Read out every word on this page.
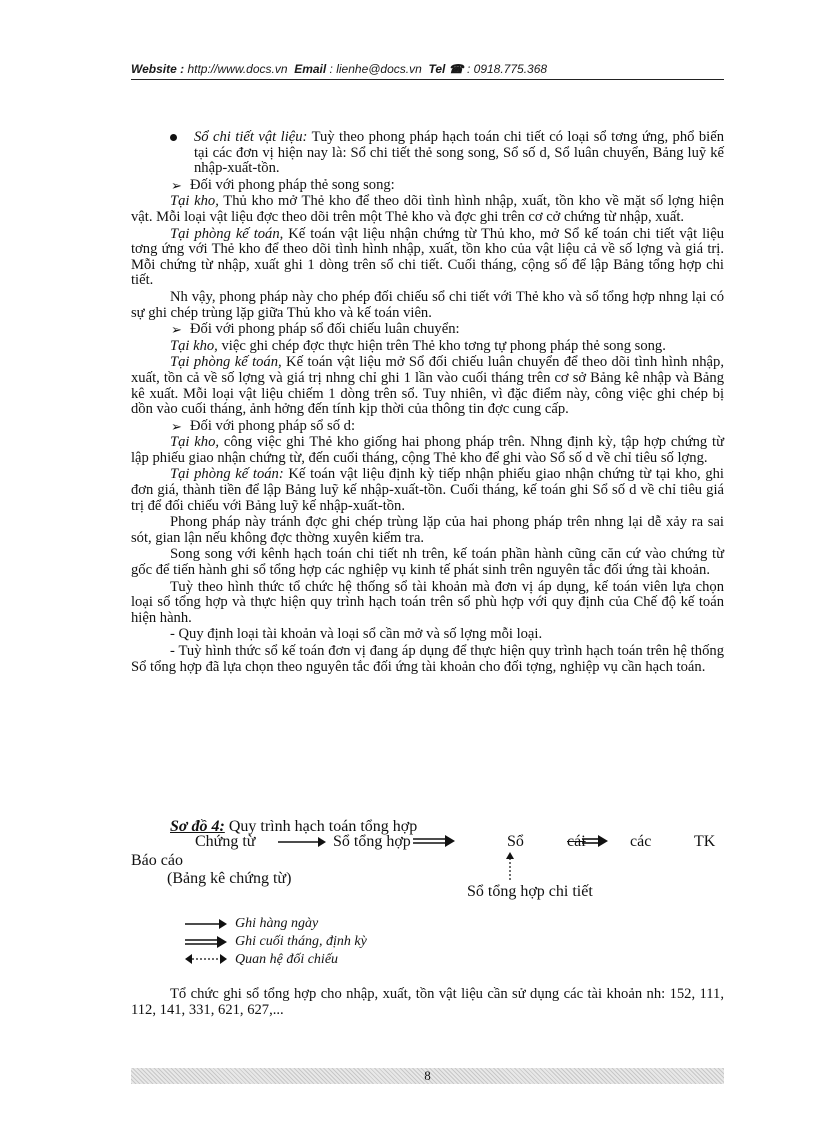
Website : http://www.docs.vn Email : lienhe@docs.vn Tel ☎ : 0918.775.368

Sổ chi tiết vật liệu: Tuỳ theo phong pháp hạch toán chi tiết có loại sổ tơng ứng, phổ biến tại các đơn vị hiện nay là: Sổ chi tiết thẻ song song, Sổ số d, Sổ luân chuyển, Bảng luỹ kế nhập-xuất-tồn.

➢ Đối với phong pháp thẻ song song:

Tại kho, Thủ kho mở Thẻ kho để theo dõi tình hình nhập, xuất, tồn kho về mặt số lợng hiện vật. Mỗi loại vật liệu đợc theo dõi trên một Thẻ kho và đợc ghi trên cơ cở chứng từ nhập, xuất.

Tại phòng kế toán, Kế toán vật liệu nhận chứng từ Thủ kho, mở Sổ kế toán chi tiết vật liệu tơng ứng với Thẻ kho để theo dõi tình hình nhập, xuất, tồn kho của vật liệu cả về số lợng và giá trị. Mỗi chứng từ nhập, xuất ghi 1 dòng trên sổ chi tiết. Cuối tháng, cộng sổ để lập Bảng tổng hợp chi tiết.

Nh vậy, phong pháp này cho phép đối chiếu sổ chi tiết với Thẻ kho và sổ tổng hợp nhng lại có sự ghi chép trùng lặp giữa Thủ kho và kế toán viên.

➢ Đối với phong pháp sổ đối chiếu luân chuyển:

Tại kho, việc ghi chép đợc thực hiện trên Thẻ kho tơng tự phong pháp thẻ song song.

Tại phòng kế toán, Kế toán vật liệu mở Sổ đối chiếu luân chuyển để theo dõi tình hình nhập, xuất, tồn cả về số lợng và giá trị nhng chỉ ghi 1 lần vào cuối tháng trên cơ sở Bảng kê nhập và Bảng kê xuất. Mỗi loại vật liệu chiếm 1 dòng trên sổ. Tuy nhiên, vì đặc điểm này, công việc ghi chép bị dồn vào cuối tháng, ảnh hởng đến tính kịp thời của thông tin đợc cung cấp.

➢ Đối với phong pháp sổ số d:

Tại kho, công việc ghi Thẻ kho giống hai phong pháp trên. Nhng định kỳ, tập hợp chứng từ lập phiếu giao nhận chứng từ, đến cuối tháng, cộng Thẻ kho để ghi vào Sổ số d về chỉ tiêu số lợng.

Tại phòng kế toán: Kế toán vật liệu định kỳ tiếp nhận phiếu giao nhận chứng từ tại kho, ghi đơn giá, thành tiền để lập Bảng luỹ kế nhập-xuất-tồn. Cuối tháng, kế toán ghi Sổ số d về chỉ tiêu giá trị để đối chiếu với Bảng luỹ kế nhập-xuất-tồn.

Phong pháp này tránh đợc ghi chép trùng lặp của hai phong pháp trên nhng lại dễ xảy ra sai sót, gian lận nếu không đợc thờng xuyên kiểm tra.

Song song với kênh hạch toán chi tiết nh trên, kế toán phần hành cũng căn cứ vào chứng từ gốc để tiến hành ghi sổ tổng hợp các nghiệp vụ kinh tế phát sinh trên nguyên tắc đối ứng tài khoản.

Tuỳ theo hình thức tổ chức hệ thống sổ tài khoản mà đơn vị áp dụng, kế toán viên lựa chọn loại sổ tổng hợp và thực hiện quy trình hạch toán trên sổ phù hợp với quy định của Chế độ kế toán hiện hành.

- Quy định loại tài khoản và loại sổ cần mở và số lợng mỗi loại.

- Tuỳ hình thức sổ kế toán đơn vị đang áp dụng để thực hiện quy trình hạch toán trên hệ thống Sổ tổng hợp đã lựa chọn theo nguyên tắc đối ứng tài khoản cho đối tợng, nghiệp vụ cần hạch toán.

Sơ đồ 4: Quy trình hạch toán tổng hợp
Chứng từ	Sổ tổng hợp	Sổ	cái	các	TK
Báo cáo
(Bảng kê chứng từ)
Sổ tổng hợp chi tiết
Ghi hàng ngày
Ghi cuối tháng, định kỳ
Quan hệ đối chiếu

Tổ chức ghi sổ tổng hợp cho nhập, xuất, tồn vật liệu cần sử dụng các tài khoản nh: 152, 111, 112, 141, 331, 621, 627,...

8
